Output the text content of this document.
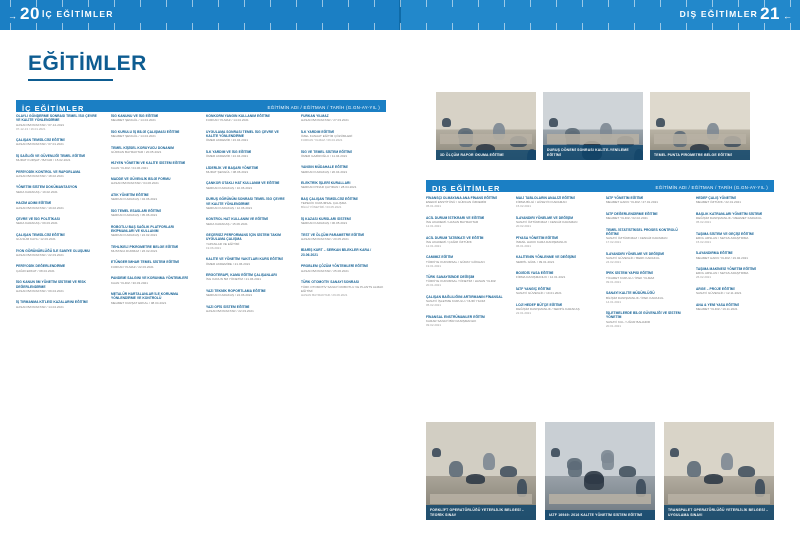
→ 20 İÇ EĞİTİMLER	DIŞ EĞİTİMLER 21 ←
EĞİTİMLER
İÇ EĞİTİMLER	EĞİTİMİN ADI / EĞİTMAN / TARİH (G.GN-AY-YIL )
OLAYLI GÖNDERME SONRASI TEMEL İSG ÇEVRE VE KALİTE YÖNLENDİRME
HASAN BAYRAKTAR / 07-12-2021
07-12-13 / 16.01.2021
ÇALIŞAN TEMSİLCİSİ EĞİTİMİ
HASAN BAYRAKTAR / 07.01.2021
İŞ SAĞLIĞI VE GÜVENLİĞİ TEMEL EĞİTİMİ
MURAT KURŞAT / BAYAR / 15.02.2021
PERİYODİK KONTROL VE RAPORLAMA
HASAN BAYRAKTAR / 18.02.2021
YÖNETİM SİSTEM DOKÜMANTASYON
SEDA KARAKAŞ / 19.02.2021
HACİM ADIMI EĞİTİMİ
HASAN BAYRAKTAR / 19.02.2021
ÇEVRE VE İSG POLİTİKASI
SEDA KARAKAŞ / 09.03.2021
ÇALIŞAN TEMSİLCİSİ EĞİTİMİ
GÜLSÜM KAYA / 12.03.2021
İYON GÖRÜNÜRLÜĞÜ İLE SANİYE OLUŞUMU
HASAN BAYRAKTAR / 22.03.2021
PERİYODİK DEĞERLENDİRME
ÇAĞRI ERKAT / 08.04.2021
İSG KANUN 5M YÖNETİM SİSTEMİ VE RİSK DEĞERLENDİRME
HASAN BAYRAKTAR / 09.04.2021
İŞ TIRMANMA KİTLESİ KAZALARINI EĞİTİMİ
HASAN BAYRAKTAR / 14.04.2021
İSG KANUNU VE İSG EĞİTİMİ
MEHMET ŞENGÜL / 14.04.2021
İSG KURULU İŞ BİLGİ ÇALIŞMASI EĞİTİMİ
MEHMET ŞENGÜL / 14.04.2021
TEMEL KİŞİSEL KORUYUCU DONANIM
GÜRKAN BAYRAKTAR / 20.05.2021
HİJYEN YÖNETİM VE KALİTE SİSTEM EĞİTİMİ
KAAN YILDIZ / 04.06.2021
MADDE VE GÜVENLİK BİLGİ FORMU
HASAN BAYRAKTAR / 04.06.2021
ATIK YÖNETİM EĞİTİMİ
SERKAN KARAKAŞ / 04.06.2021
İSG TEMEL ESASLARI EĞİTİMİ
SERKAN KARAKAŞ / 05.06.2021
ROBOTLU BAŞ SAĞLIK PLATFORLARI EKİPMANLARI VE KULLANIM
SERKAN KARAKAŞ / 24.02.2021
TEHLİKELİ PİKROMETRE BELGE EĞİTİMİ
MUSTAFA DURMAZ / 26.02.2021
ETÜNGER İMHAR TEMEL SİSTEM EĞİTİMİ
FURKAN YILMAZ / 22.03.2021
PANDEMİ SALGINI VE KORUNMA YÖNTEMLERİ
KAAN YILDIZ / 30.03.2021
METALÜR HARTALANLAR İLE KORUNMA YÖNLENDİRME VE KONTROLÜ
MEHMET KURŞAT ERKAL / 08.04.2021
KONKORM YANGIN KULLANIM EĞİTİMİ
FURKAN YILMAZ / 14.04.2021
UYGULAMA SONRASI TEMEL İSG ÇEVRE VE KALİTE YÖNLENDİRME
ÖMER AKDEMİR / 23.04.2021
İLK YARDIM VE İSG EĞİTİMİ
ÖMER AKDEMİR / 24.04.2021
LİDERLİK VE BAŞARI YÖNETİMİ
MURAT ŞENGÜL / 08.06.2021
ÇANKOR OTAKLI HAT KULLANIM VE EĞİTİMİ
SERKAN KARAKAŞ / 10.06.2021
DURUŞ GÖRÜNÜM SONRASI TEMEL İSG ÇEVRE VE KALİTE YÖNLENDİRME
SERKAN KARAKAŞ / 12.06.2021
KONTROL HAT KULLANIM VE EĞİTİMİ
SEDA KARAKAŞ / 15.06.2021
GEÇERSİZ PERFORMANS İÇİN SİSTEM TAKIM UYGULAMA ÇALIŞMA
YAPANLAR VE EĞİTİMİ
19.06.2021
KALİTE VE YÖNETİM YAKITLARI KURS EĞİTİMİ
ÖMER AKDEMİRE / 21.06.2021
ERGOTERAPİ, KAMU EĞİTİM ÇALIŞANLARI
İSG KANUN 5M YÖNETİM / 21.06.2021
YAZI TEKNİK ROPORTLAMA EĞİTİMİ
SERKAN KARAKAŞ / 24.06.2021
YAZI OFİS SİSTEM EĞİTİMİ
HASAN BAYRAKTAR / 22.03.2021
FURKAN YILMAZ
HASAN BAYRAKTAR / 27.03.2021
İLK YARDIM EĞİTİMİ
ÖZEL KANAAT EĞİTİM ÇÖZÜMLERİ
FURKAN YILMAZ / 06.04.2021
İSG VE TEMEL SİSTEM EĞİTİMİ
ÖMER GAZİROĞLU / 11.04.2021
YANGIN MÜDAHALE EĞİTİMİ
SERKAN KARAKAŞ / 20.04.2021
ELEKTRİK İŞLERİ KURALLARI
SERKAN PINAR ÇAYIRAN / 28.04.2021
BAŞ ÇALIŞAN TEMSİLCİSİ EĞİTİMİ
TEPECİK KURUMSAL ÇALIŞMA
BİLGİ YÖNETİMİ / 03.05.2021
İŞ KAZASI KURSLARI SİSTEMİ
SERKAN KARAKAŞ / 06.05.2021
TEST VE ÖLÇÜM PARAMETRE EĞİTİMİ
HASAN BAYRAKTAR / 20.05.2021
BİARİŞ KURT – SERKAN BİLEKLER KARA / 23.06.2021
PROBLEM ÇÖZÜM YÖNTEMLERİ EĞİTİMİ
HASAN BAYRAKTAR / 25.06.2021
TÜRK OTOMOTİV SANAYİ SONRASI
TÜRK OTOMOTİV SANAYİ ROBOTLU VE PLANTS ALMAK EĞİTİMİ
HASAN BAYRAKTAR / 29.06.2021
3D ÖLÇÜM RAPOR OKUMA EĞİTİMİ
DURUŞ DÖNEMİ SONRASI KALİTE-YENİLEME EĞİTİMİ	TEMEL PUNTA PİROMETRE BELGE EĞİTİMİ
DIŞ EĞİTİMLER	EĞİTİMİN ADI / EĞİTMAN / TARİH (G.GN-AY-YIL )
FİNANSÇI OLMAYANA ANA FİNANS EĞİTİMİ
ENERJİ ENSTİTÜSÜ / GÜRCAN ÖZDEMİR
05.01.2021
ACİL DURUM İSTİKRARI VE EĞİTİMİ
İSG AKADEMİ / HASAN BAYRAKTAR
12.01.2021
ACİL DURUM TATBİKATI VE EĞİTİM
İSG AKADEMİ / ÇAĞRI ÖZTÜRK
12.01.2021
CAMIMIZ EĞİTİM
TÜRKİYE KURUMSAL / GÜRAY GÖKHAN
19.01.2021
TÜRK SANAYİSİNDE DEĞİŞİM
TÜRKİYE KURUMSAL YÖNETİM / HASAN YILDIZ
20.01.2021
ÇALIŞAN BAĞLILIĞINI ARTIRMANIN FİNANSAL
SANAYİ İŞLETME KURULU / NURİ YILDIZ
05.02.2021
FİNANSAL ENSTRÜMANLER EĞİTİM
KARAR SANAYİ BİR DANIŞMANLIK
09.02.2021
MALİ TABLOLARIN ANALİZİ EĞİTİMİ
FİRMA BİLGİ / HÜSEYİN KARAMAN
15.02.2021
İLAYANDIRI YÖNELME VE DEĞİŞİM
SANAYİ ÖZTÜRKMAZ / CENGİZ KARAMAN
20.02.2021
PİYASA YÖNETİM EĞİTİMİ
İSMAİL HAKKI KARA DANIŞMANLIK
06.01.2021
KALİTENİN YÖNLENME VE DEĞİŞİMİ
SERPİL GÜRL / 09.01.2021
BOXİDİS YASA EĞİTİMİ
FİRMA DANIŞMANLIK / 12.01.2021
İATF YANGİÇ EĞİTİMİ
SANAYİ GÜVENLİK / 19.01.2021
LOJİ HEDEF BÜTÇE EĞİTİMİ
DEĞİŞİM DANIŞMANLIK / SERPİL KARAKAŞ
22.01.2021
İATF YÖNETİM EĞİTİMİ
MEHMET HAKKI YILDIZ / 27.01.2021
İATF DEĞERLENDİRME EĞİTİMİ
MEHMET YILDIZ / 02.02.2021
TEMEL İSTATİSTİKSEL PROSES KONTROLÜ EĞİTİMİ
SANAYİ ÖZTÜRKMAZ / CENGİZ KARAMAN
17.02.2021
İLAYANDIRI YÖNELME VE DEĞİŞİMİ
SANAYİ GÜVENLİK / BERK KARAKUL
24.02.2021
İPEK SİSTEM YAPISI EĞİTİMİ
TİCARET KURULU / İPEK YILMAZ
09.01.2021
SANAYİ KALİTE MÜDÜRLÜĞÜ
BİLİŞİM DANIŞMANLIK / İPEK KARAKUL
14.01.2021
İŞLETMELERDE BİLGİ GÜVENLİĞİ VE SİSTEM YÖNETİM
SANAYİ KUL / UĞUR BAHADIR
20.01.2021
HEDEF ÇALIŞ YÖNETİMİ
MEHMET ÖZTÜRK / 22.01.2021
BAŞLIK KATRANLARI YÖNETİM SİSTEMİ
DEĞİŞİM DANIŞMANLIK / MEHMET KARAKUL
05.02.2021
TAŞIMA SİSTEM VE GEÇİŞİ EĞİTİMİ
EROL ARSLAN / SETAS ARAŞTIRMA
15.02.2021
İLAYANDIRMA EĞİTİMİ
MEHMET HAKKI YILDIZ / 19.02.2021
TAŞIMA MAKİNESİ YÖNETİM EĞİTİMİ
EROL ARSLAN / SETAS ARAŞTIRMA
26.02.2021
ARGE – PROJE EĞİTİMİ
SANAYİ GÜVENLİK / 12.11.2021
ANA & YENİ YASA EĞİTİMİ
MEHMET YILDIZ / 19.11.2021
FORKLİFT OPERATÖRLÜĞÜ YETERLİLİK BELGESİ – TEORİK SINAV	IATF 16949: 2016 KALİTE YÖNETİM SİSTEM EĞİTİMİ
TRANSPALET OPERATÖRLÜĞÜ YETERLİLİK BELGESİ – UYGULAMA SINAVI
